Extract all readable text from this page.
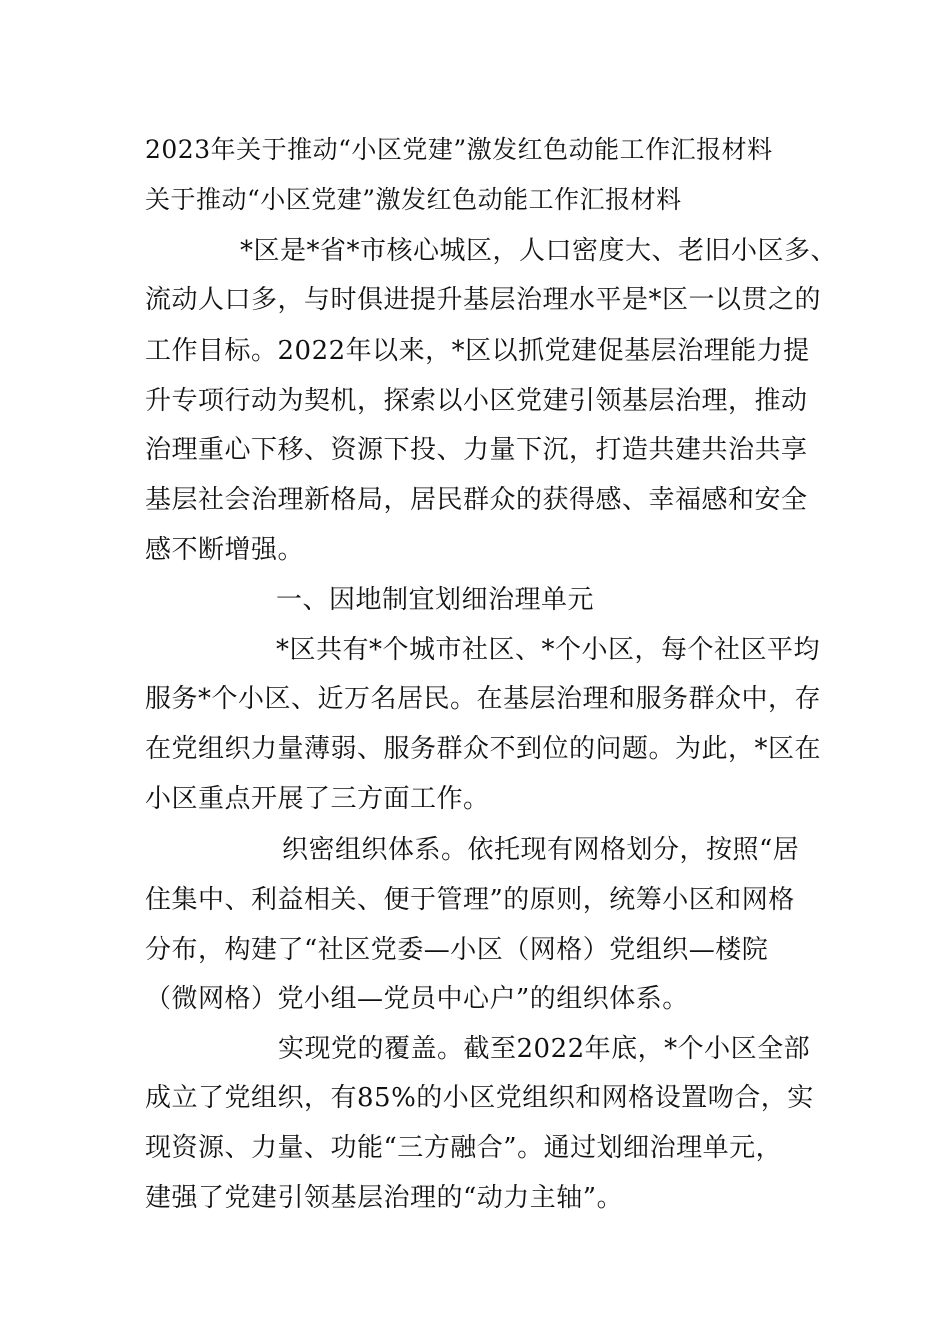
2023年关于推动“小区党建”激发红色动能工作汇报材料
关于推动“小区党建”激发红色动能工作汇报材料
*区是*省*市核心城区，人口密度大、老旧小区多、
流动人口多，与时俱进提升基层治理水平是*区一以贯之的
工作目标。2022年以来，*区以抓党建促基层治理能力提
升专项行动为契机，探索以小区党建引领基层治理，推动
治理重心下移、资源下投、力量下沉，打造共建共治共享
基层社会治理新格局，居民群众的获得感、幸福感和安全
感不断增强。
一、因地制宜划细治理单元
*区共有*个城市社区、*个小区，每个社区平均
服务*个小区、近万名居民。在基层治理和服务群众中，存
在党组织力量薄弱、服务群众不到位的问题。为此，*区在
小区重点开展了三方面工作。
织密组织体系。依托现有网格划分，按照“居
住集中、利益相关、便于管理”的原则，统筹小区和网格
分布，构建了“社区党委—小区（网格）党组织—楼院
（微网格）党小组—党员中心户”的组织体系。
实现党的覆盖。截至2022年底，*个小区全部
成立了党组织，有85%的小区党组织和网格设置吻合，实
现资源、力量、功能“三方融合”。通过划细治理单元，
建强了党建引领基层治理的“动力主轴”。
